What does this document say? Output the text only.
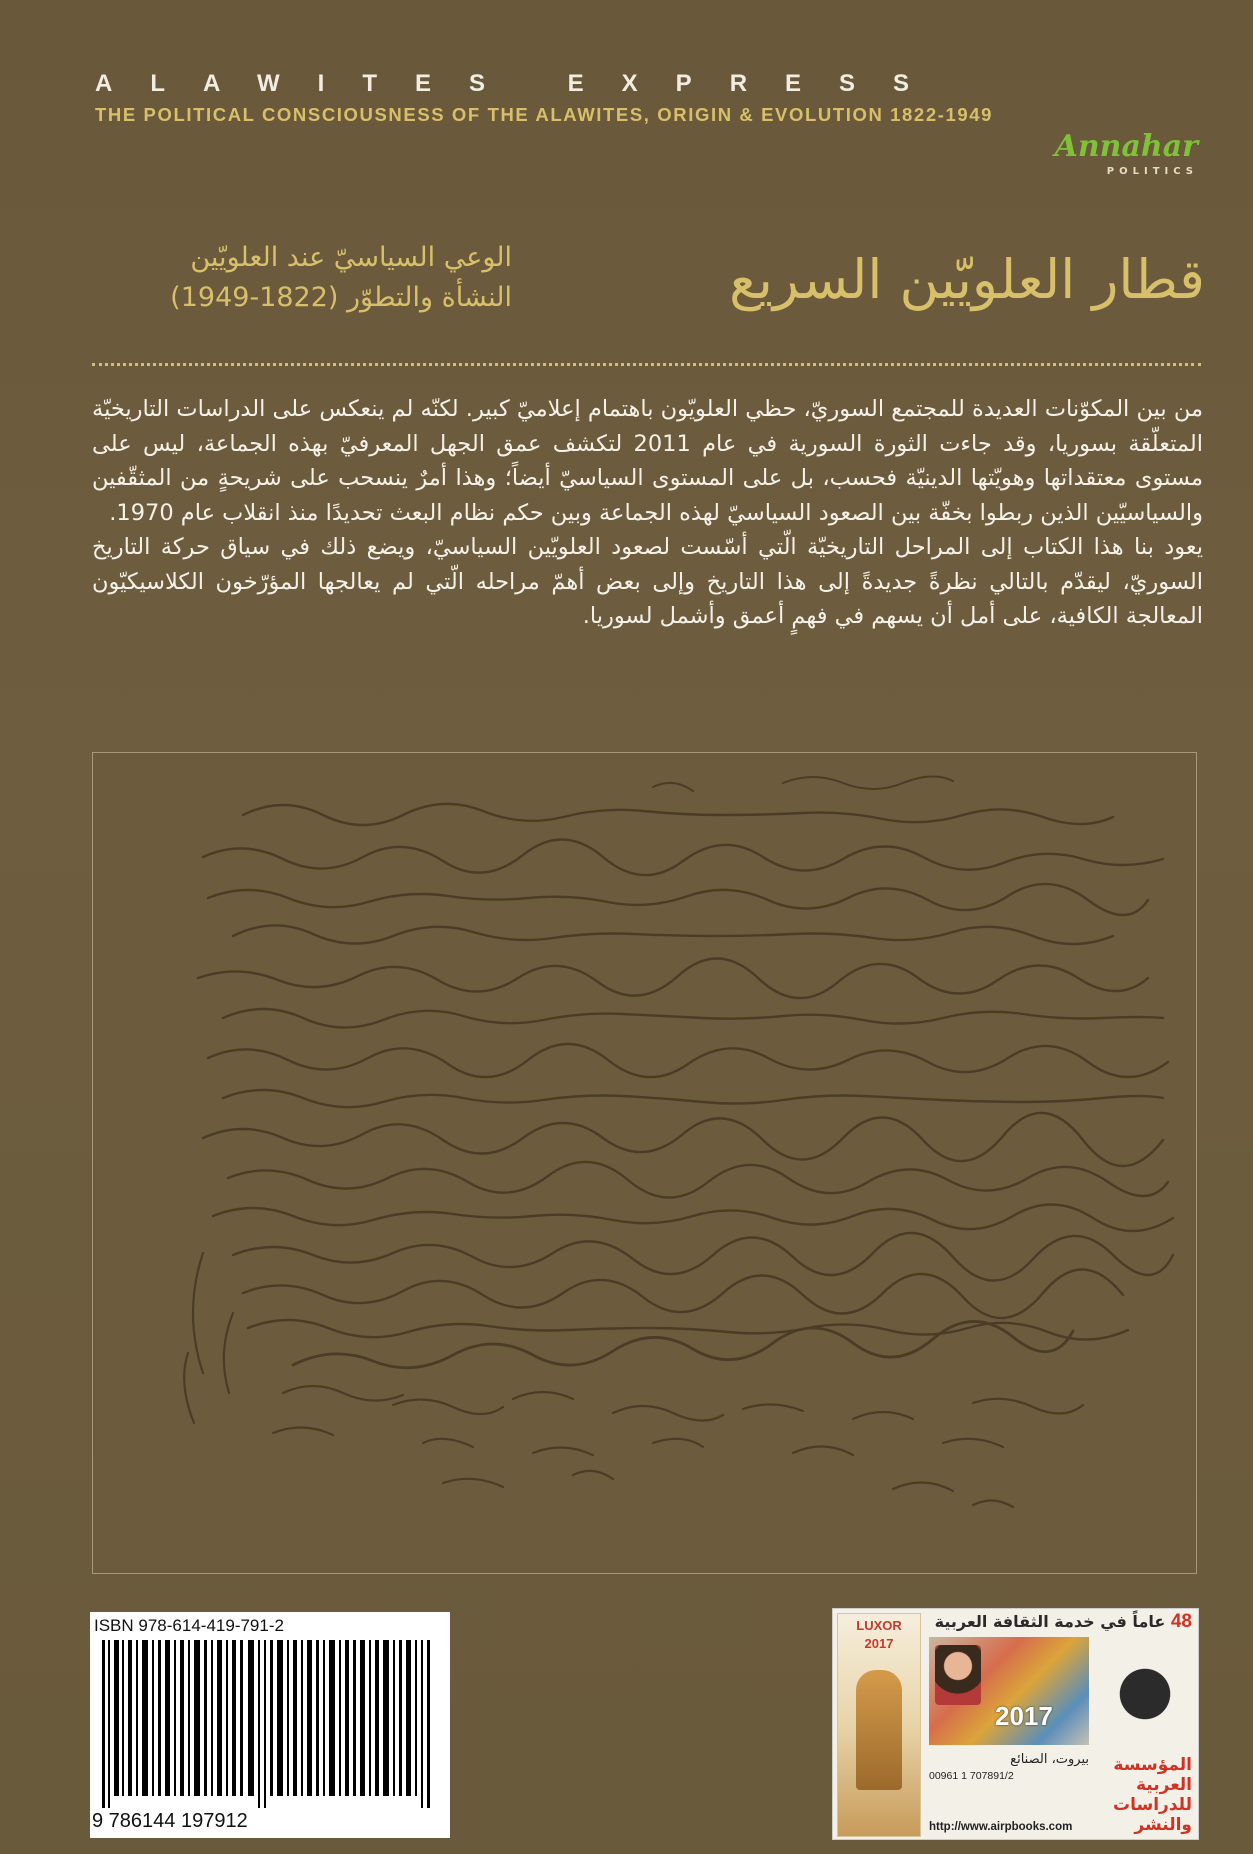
ALAWITES EXPRESS
THE POLITICAL CONSCIOUSNESS OF THE ALAWITES, ORIGIN & EVOLUTION 1822-1949
Annahar
POLITICS
قطار العلويّين السريع
الوعي السياسيّ عند العلويّين
النشأة والتطوّر (1822-1949)

من بين المكوّنات العديدة للمجتمع السوريّ، حظي العلويّون باهتمام إعلاميّ كبير. لكنّه لم ينعكس على الدراسات التاريخيّة المتعلّقة بسوريا، وقد جاءت الثورة السورية في عام 2011 لتكشف عمق الجهل المعرفيّ بهذه الجماعة، ليس على مستوى معتقداتها وهويّتها الدينيّة فحسب، بل على المستوى السياسيّ أيضاً؛ وهذا أمرٌ ينسحب على شريحةٍ من المثقّفين والسياسيّين الذين ربطوا بخفّة بين الصعود السياسيّ لهذه الجماعة وبين حكم نظام البعث تحديدًا منذ انقلاب عام 1970.

يعود بنا هذا الكتاب إلى المراحل التاريخيّة الّتي أسّست لصعود العلويّين السياسيّ، ويضع ذلك في سياق حركة التاريخ السوريّ، ليقدّم بالتالي نظرةً جديدةً إلى هذا التاريخ وإلى بعض أهمّ مراحله الّتي لم يعالجها المؤرّخون الكلاسيكيّون المعالجة الكافية، على أمل أن يسهم في فهمٍ أعمق وأشمل لسوريا.

ISBN 978-614-419-791-2
9 786144 197912
LUXOR
2017
48 عاماً في خدمة الثقافة العربية
2017
المؤسسة العربية للدراسات والنشر
بيروت، الصنائع
00961 1 707891/2
http://www.airpbooks.com
